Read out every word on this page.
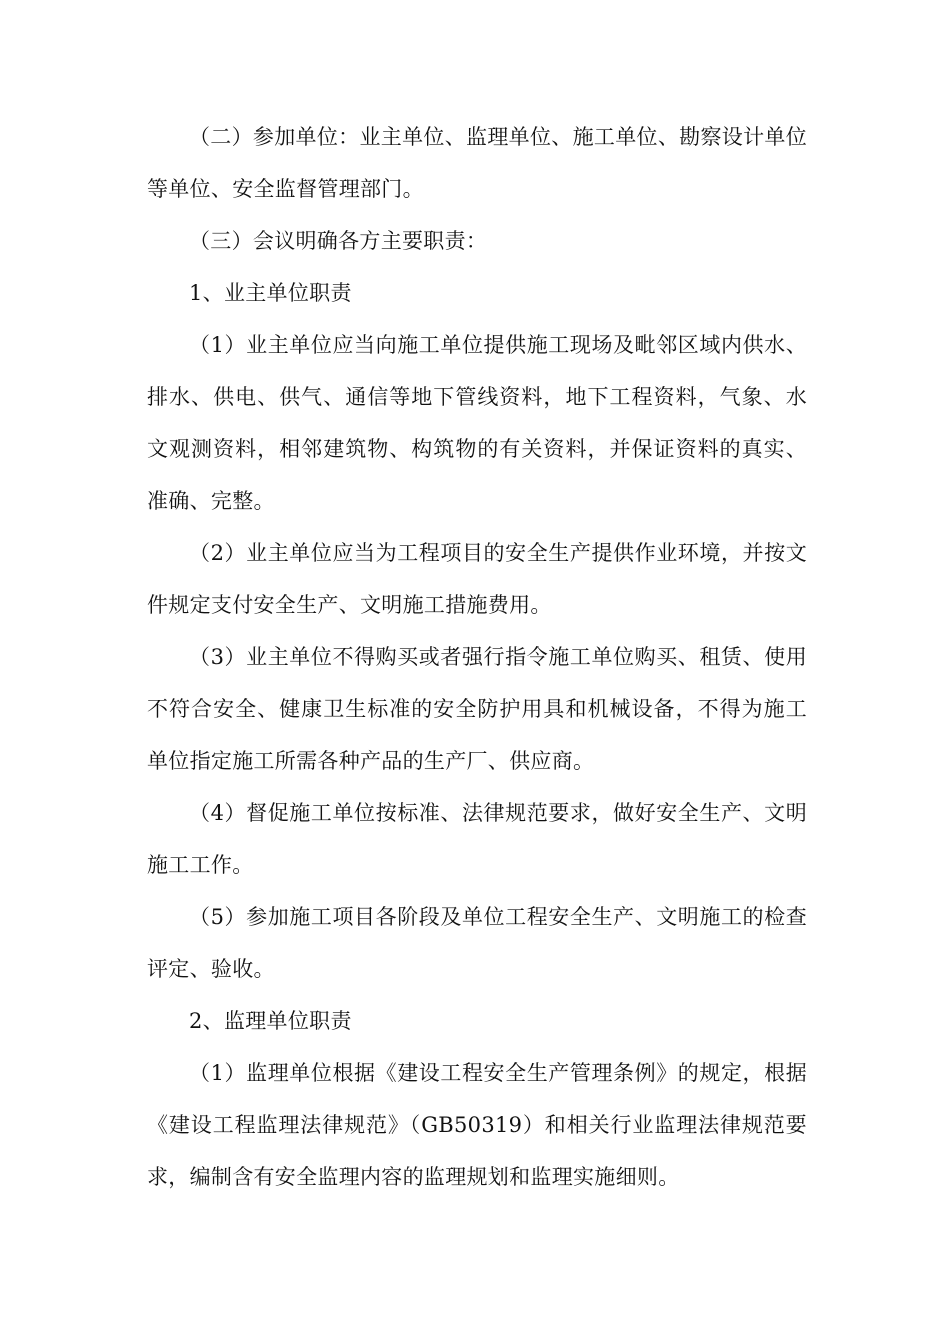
（二）参加单位：业主单位、监理单位、施工单位、勘察设计单位等单位、安全监督管理部门。

（三）会议明确各方主要职责：

1、业主单位职责

（1）业主单位应当向施工单位提供施工现场及毗邻区域内供水、排水、供电、供气、通信等地下管线资料，地下工程资料，气象、水文观测资料，相邻建筑物、构筑物的有关资料，并保证资料的真实、准确、完整。

（2）业主单位应当为工程项目的安全生产提供作业环境，并按文件规定支付安全生产、文明施工措施费用。

（3）业主单位不得购买或者强行指令施工单位购买、租赁、使用不符合安全、健康卫生标准的安全防护用具和机械设备，不得为施工单位指定施工所需各种产品的生产厂、供应商。

（4）督促施工单位按标准、法律规范要求，做好安全生产、文明施工工作。

（5）参加施工项目各阶段及单位工程安全生产、文明施工的检查评定、验收。

2、监理单位职责

（1）监理单位根据《建设工程安全生产管理条例》的规定，根据《建设工程监理法律规范》（GB50319）和相关行业监理法律规范要求，编制含有安全监理内容的监理规划和监理实施细则。
